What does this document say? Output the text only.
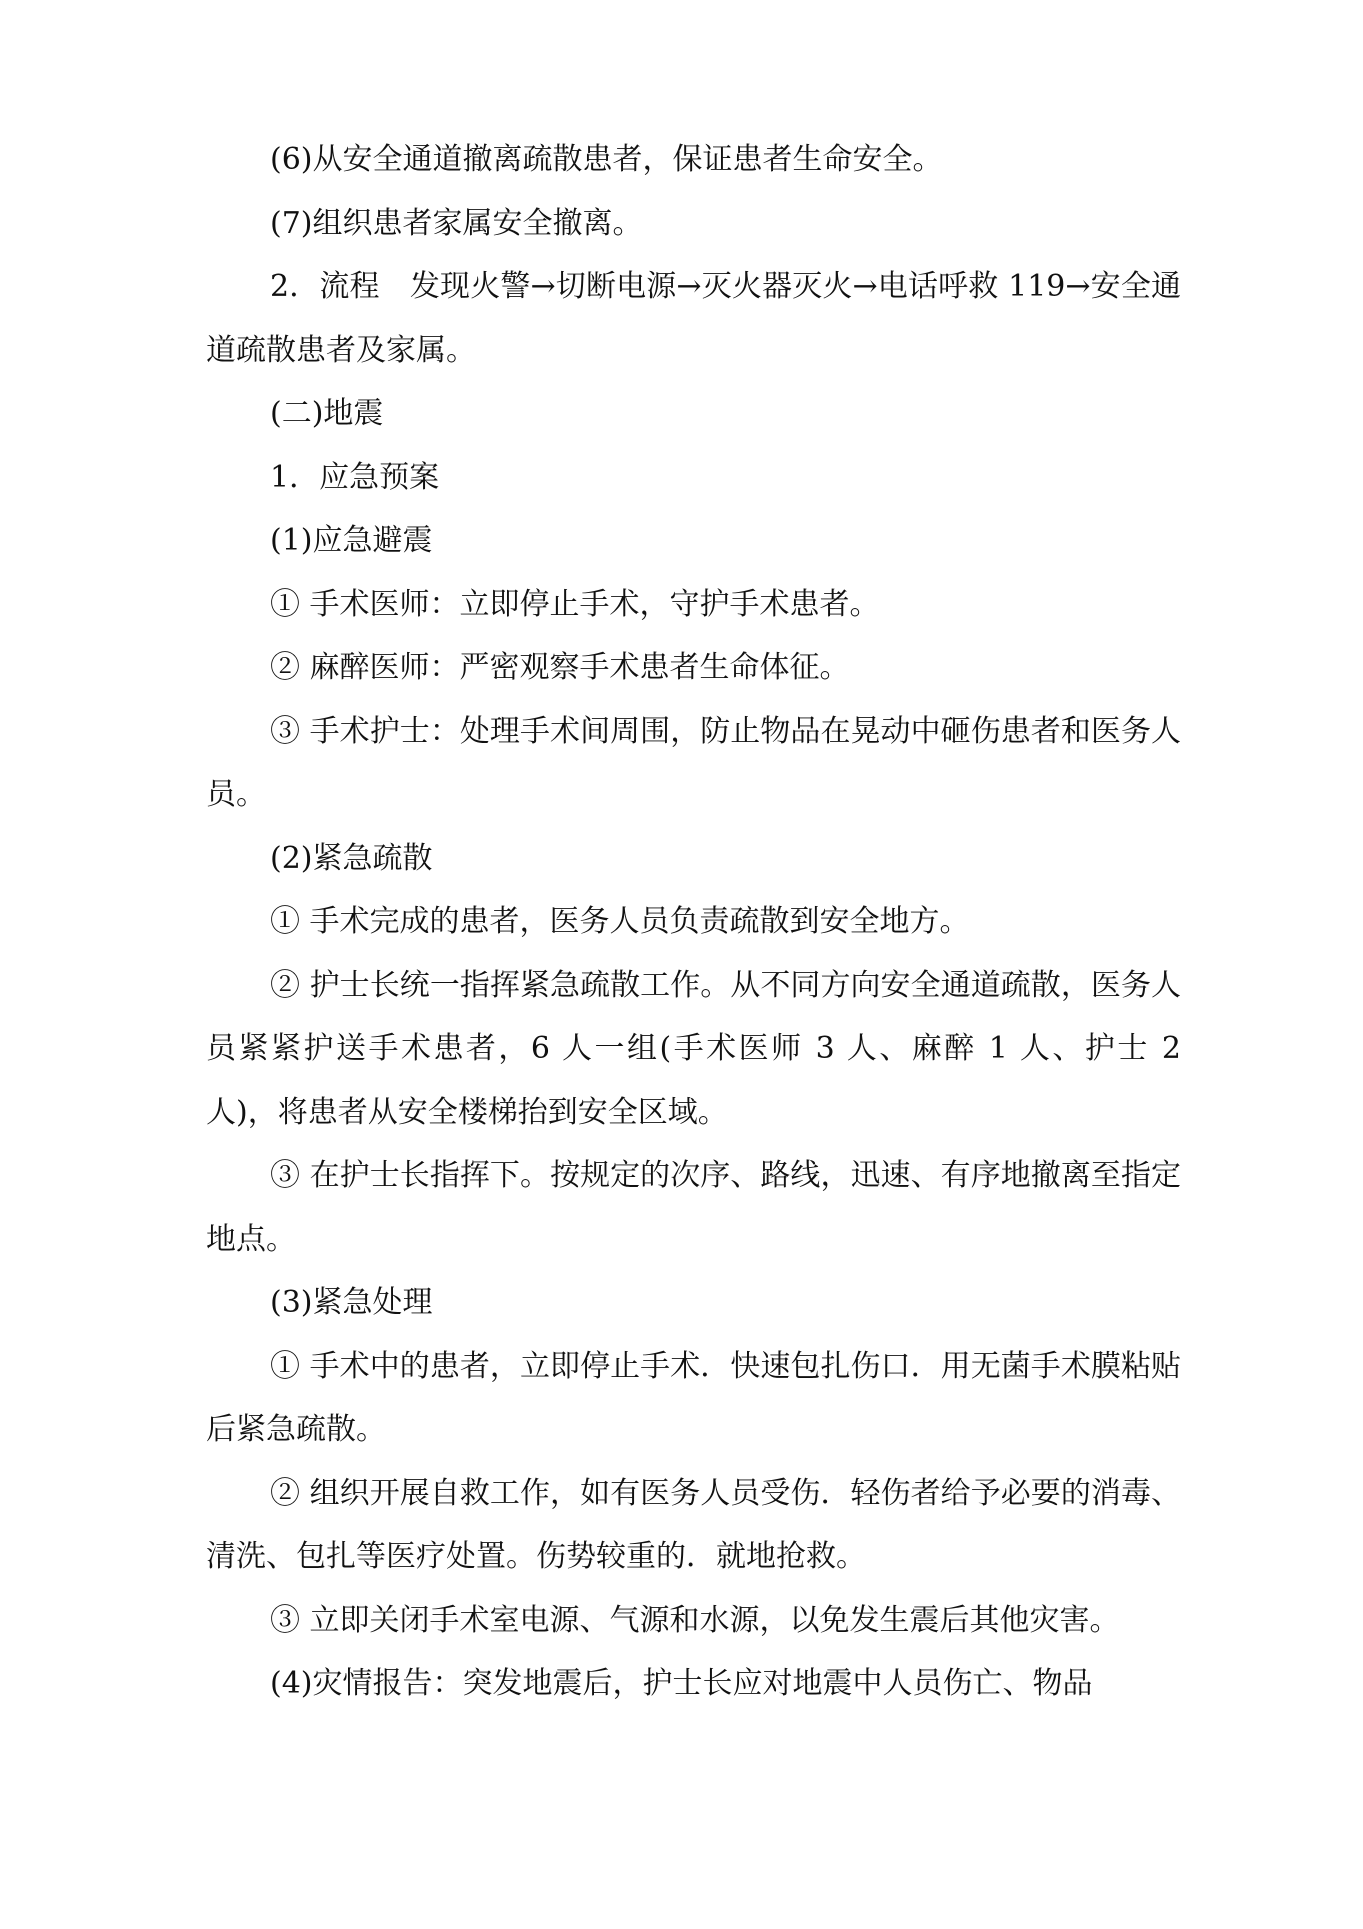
(6)从安全通道撤离疏散患者，保证患者生命安全。

(7)组织患者家属安全撤离。

2．流程　发现火警→切断电源→灭火器灭火→电话呼救 119→安全通道疏散患者及家属。

(二)地震

1．应急预案

(1)应急避震

① 手术医师：立即停止手术，守护手术患者。

② 麻醉医师：严密观察手术患者生命体征。

③ 手术护士：处理手术间周围，防止物品在晃动中砸伤患者和医务人员。

(2)紧急疏散

① 手术完成的患者，医务人员负责疏散到安全地方。

② 护士长统一指挥紧急疏散工作。从不同方向安全通道疏散，医务人员紧紧护送手术患者，6 人一组(手术医师 3 人、麻醉 1 人、护士 2 人)，将患者从安全楼梯抬到安全区域。

③ 在护士长指挥下。按规定的次序、路线，迅速、有序地撤离至指定地点。

(3)紧急处理

① 手术中的患者，立即停止手术．快速包扎伤口．用无菌手术膜粘贴后紧急疏散。

② 组织开展自救工作，如有医务人员受伤．轻伤者给予必要的消毒、清洗、包扎等医疗处置。伤势较重的．就地抢救。

③ 立即关闭手术室电源、气源和水源，以免发生震后其他灾害。

(4)灾情报告：突发地震后，护士长应对地震中人员伤亡、物品
